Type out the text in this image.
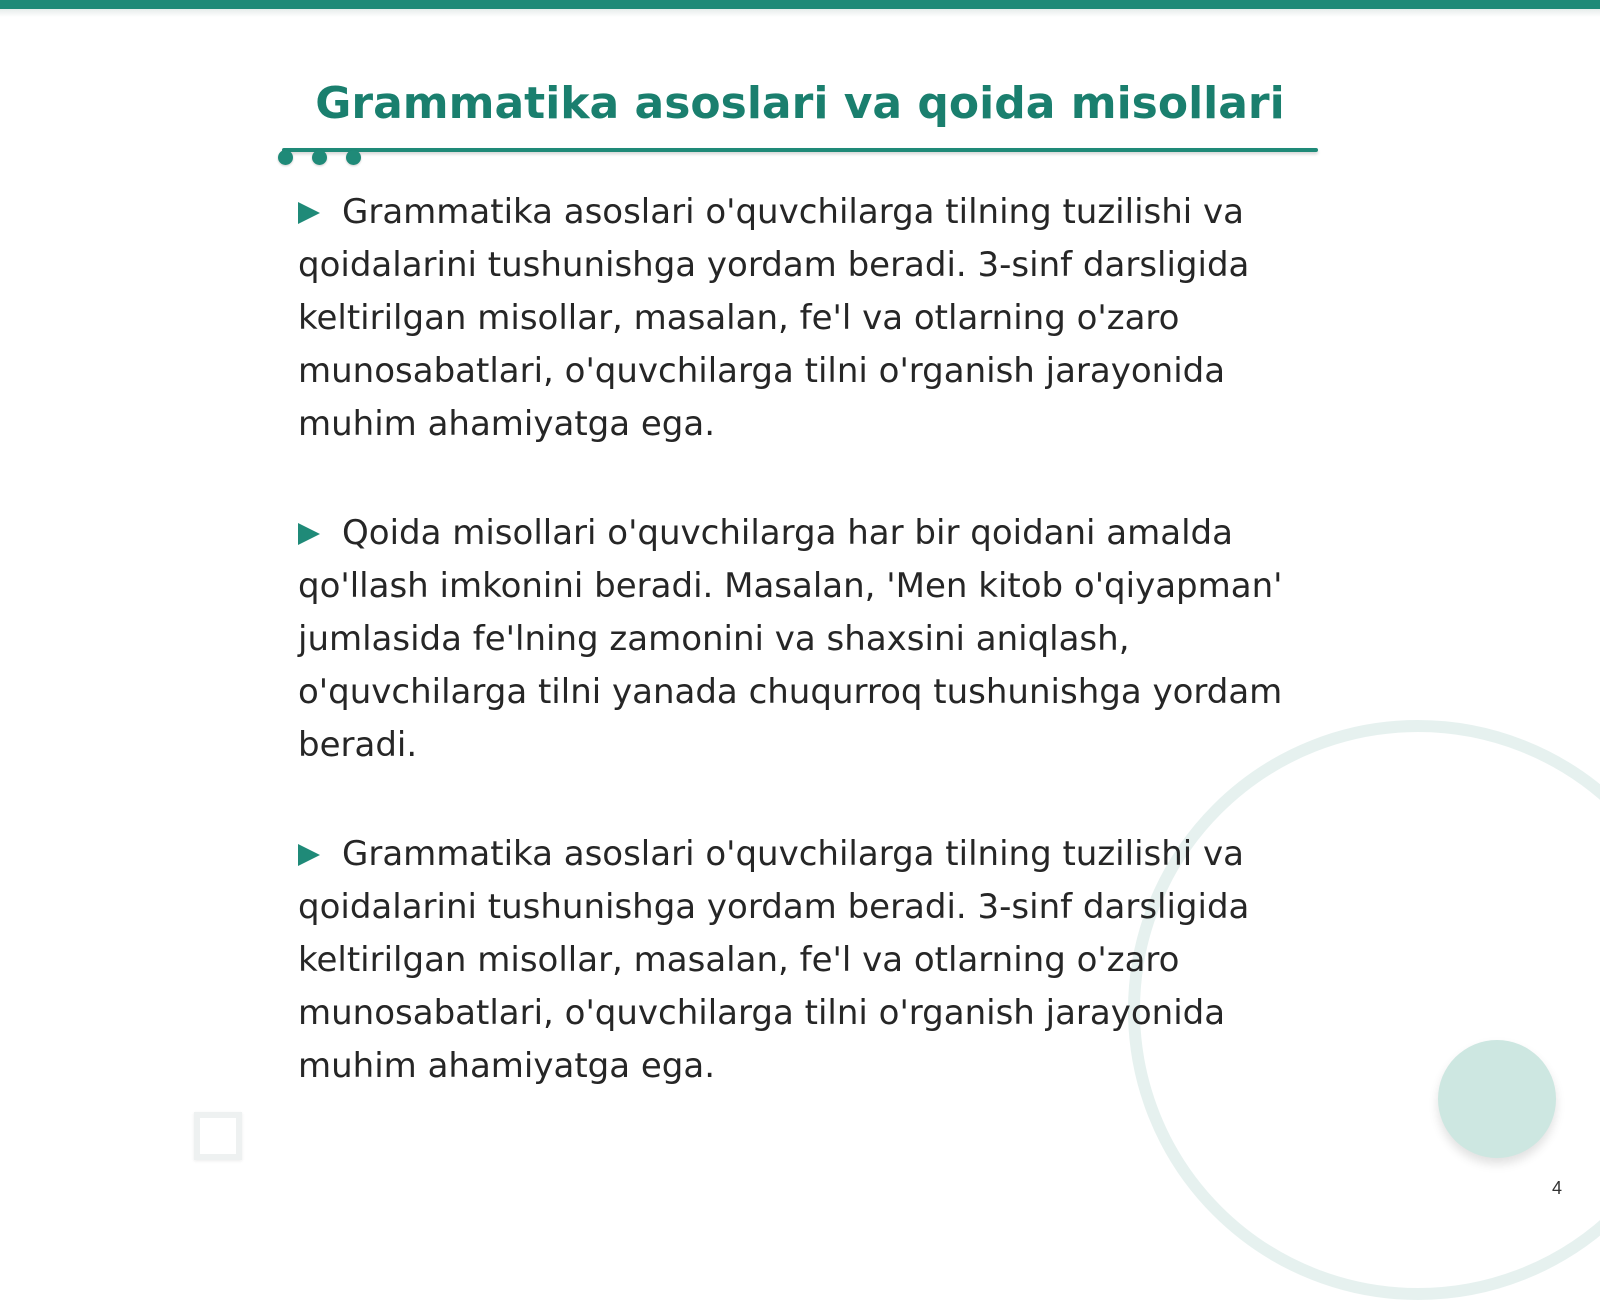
Grammatika asoslari va qoida misollari

Grammatika asoslari o'quvchilarga tilning tuzilishi va qoidalarini tushunishga yordam beradi. 3-sinf darsligida keltirilgan misollar, masalan, fe'l va otlarning o'zaro munosabatlari, o'quvchilarga tilni o'rganish jarayonida muhim ahamiyatga ega.

Qoida misollari o'quvchilarga har bir qoidani amalda qo'llash imkonini beradi. Masalan, 'Men kitob o'qiyapman' jumlasida fe'lning zamonini va shaxsini aniqlash, o'quvchilarga tilni yanada chuqurroq tushunishga yordam beradi.

Grammatika asoslari o'quvchilarga tilning tuzilishi va qoidalarini tushunishga yordam beradi. 3-sinf darsligida keltirilgan misollar, masalan, fe'l va otlarning o'zaro munosabatlari, o'quvchilarga tilni o'rganish jarayonida muhim ahamiyatga ega.

4
